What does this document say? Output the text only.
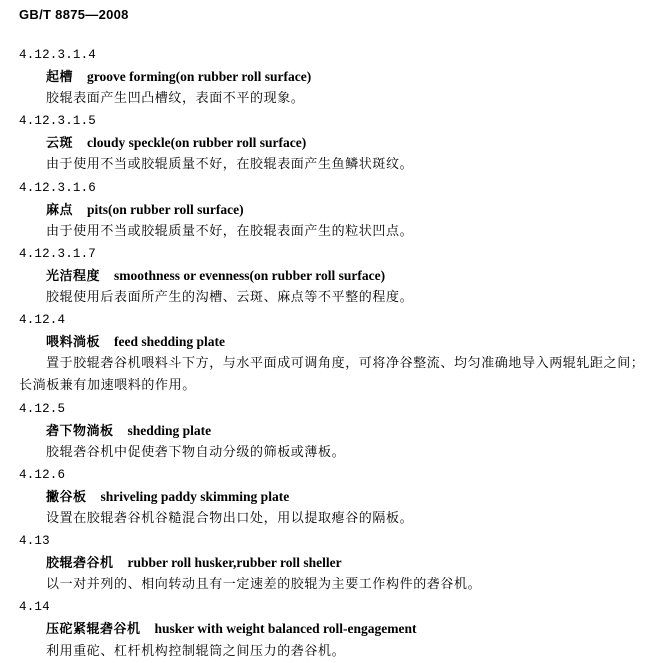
GB/T 8875—2008
4.12.3.1.4
起槽 groove forming(on rubber roll surface)
胶辊表面产生凹凸槽纹，表面不平的现象。
4.12.3.1.5
云斑 cloudy speckle(on rubber roll surface)
由于使用不当或胶辊质量不好，在胶辊表面产生鱼鳞状斑纹。
4.12.3.1.6
麻点 pits(on rubber roll surface)
由于使用不当或胶辊质量不好，在胶辊表面产生的粒状凹点。
4.12.3.1.7
光洁程度 smoothness or evenness(on rubber roll surface)
胶辊使用后表面所产生的沟槽、云斑、麻点等不平整的程度。
4.12.4
喂料淌板 feed shedding plate
置于胶辊砻谷机喂料斗下方，与水平面成可调角度，可将净谷整流、均匀准确地导入两辊轧距之间；
长淌板兼有加速喂料的作用。
4.12.5
砻下物淌板 shedding plate
胶辊砻谷机中促使砻下物自动分级的筛板或薄板。
4.12.6
撇谷板 shriveling paddy skimming plate
设置在胶辊砻谷机谷糙混合物出口处，用以提取瘪谷的隔板。
4.13
胶辊砻谷机 rubber roll husker,rubber roll sheller
以一对并列的、相向转动且有一定速差的胶辊为主要工作构件的砻谷机。
4.14
压砣紧辊砻谷机 husker with weight balanced roll-engagement
利用重砣、杠杆机构控制辊筒之间压力的砻谷机。
